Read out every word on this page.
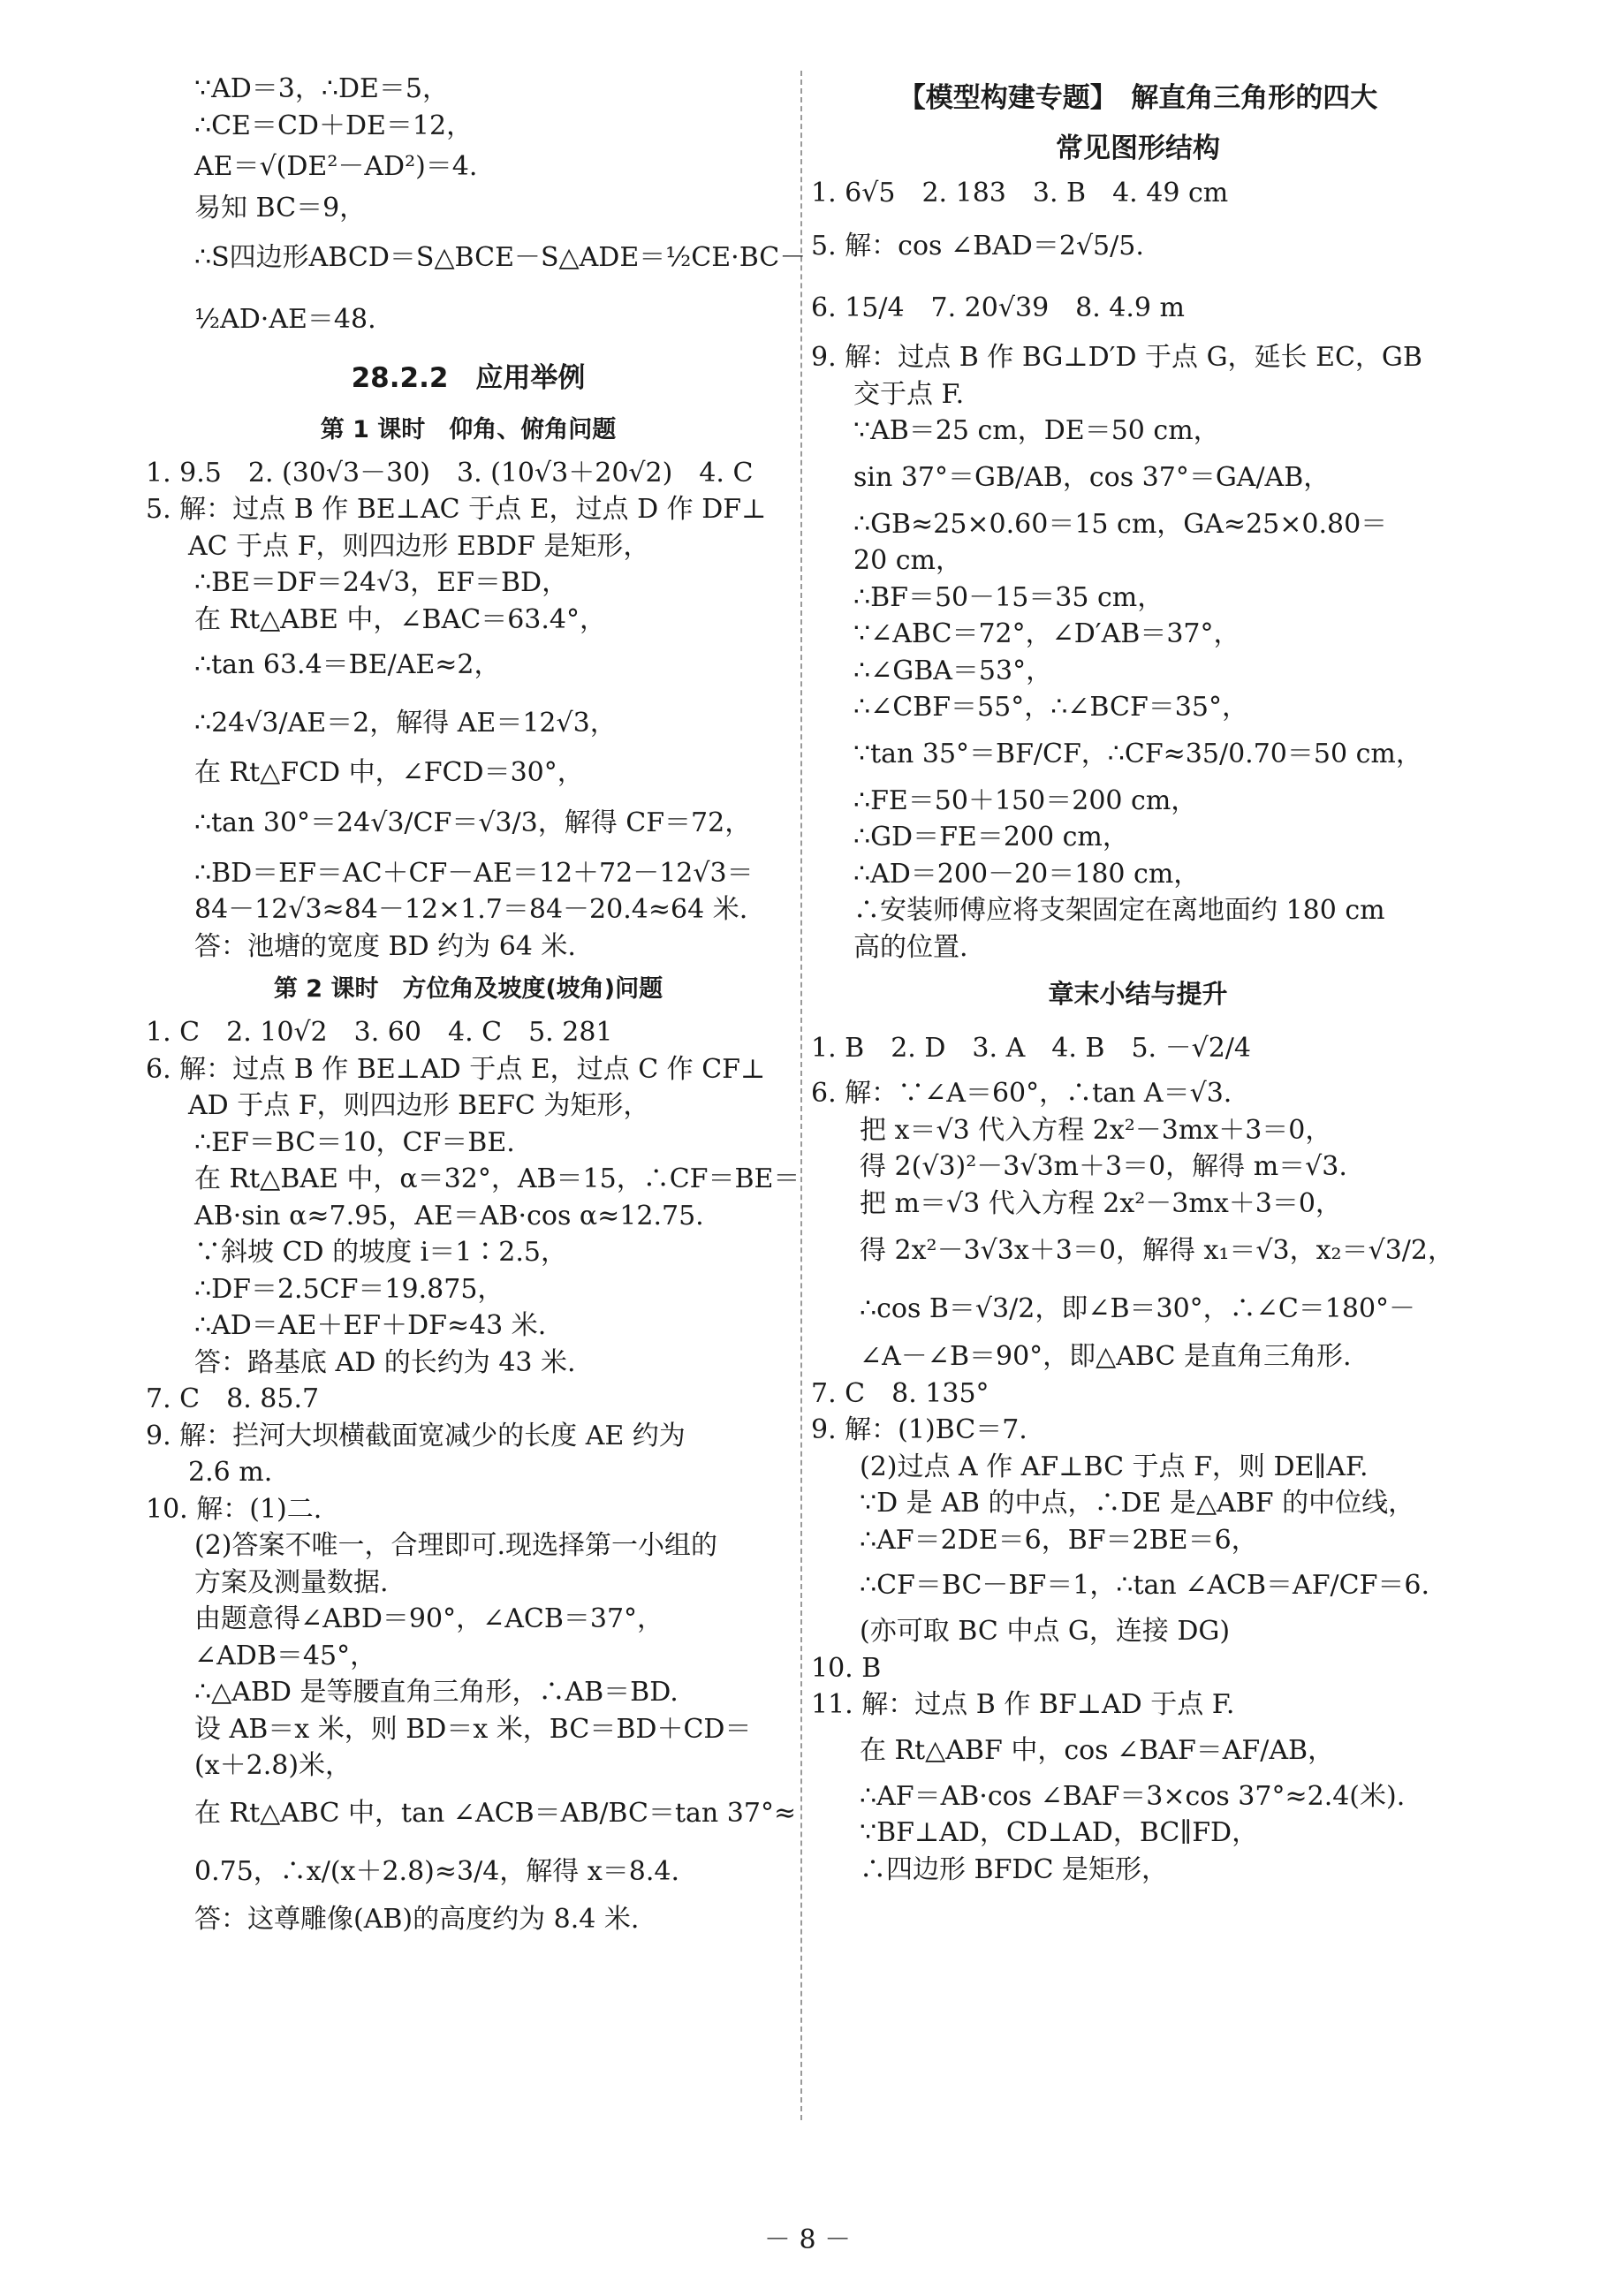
∵AD＝3，∴DE＝5，
∴CE＝CD＋DE＝12，
AE＝√(DE²－AD²)＝4.
易知 BC＝9，
∴S四边形ABCD＝S△BCE－S△ADE＝½CE·BC－
½AD·AE＝48.
28.2.2　应用举例
第 1 课时　仰角、俯角问题
1. 9.5　2. (30√3－30)　3. (10√3＋20√2)　4. C
5. 解：过点 B 作 BE⊥AC 于点 E，过点 D 作 DF⊥
AC 于点 F，则四边形 EBDF 是矩形，
∴BE＝DF＝24√3，EF＝BD，
在 Rt△ABE 中，∠BAC＝63.4°，
∴tan 63.4＝BE/AE≈2，
∴24√3/AE＝2，解得 AE＝12√3，
在 Rt△FCD 中，∠FCD＝30°，
∴tan 30°＝24√3/CF＝√3/3，解得 CF＝72，
∴BD＝EF＝AC＋CF－AE＝12＋72－12√3＝
84－12√3≈84－12×1.7＝84－20.4≈64 米.
答：池塘的宽度 BD 约为 64 米.
第 2 课时　方位角及坡度(坡角)问题
1. C　2. 10√2　3. 60　4. C　5. 281
6. 解：过点 B 作 BE⊥AD 于点 E，过点 C 作 CF⊥
AD 于点 F，则四边形 BEFC 为矩形，
∴EF＝BC＝10，CF＝BE.
在 Rt△BAE 中，α＝32°，AB＝15，∴CF＝BE＝
AB·sin α≈7.95，AE＝AB·cos α≈12.75.
∵斜坡 CD 的坡度 i＝1∶2.5，
∴DF＝2.5CF＝19.875，
∴AD＝AE＋EF＋DF≈43 米.
答：路基底 AD 的长约为 43 米.
7. C　8. 85.7
9. 解：拦河大坝横截面宽减少的长度 AE 约为
2.6 m.
10. 解：(1)二.
(2)答案不唯一，合理即可.现选择第一小组的
方案及测量数据.
由题意得∠ABD＝90°，∠ACB＝37°，
∠ADB＝45°，
∴△ABD 是等腰直角三角形，∴AB＝BD.
设 AB＝x 米，则 BD＝x 米，BC＝BD＋CD＝
(x＋2.8)米，
在 Rt△ABC 中，tan ∠ACB＝AB/BC＝tan 37°≈
0.75，∴x/(x＋2.8)≈3/4，解得 x＝8.4.
答：这尊雕像(AB)的高度约为 8.4 米.
【模型构建专题】　解直角三角形的四大
常见图形结构
1. 6√5　2. 183　3. B　4. 49 cm
5. 解：cos ∠BAD＝2√5/5.
6. 15/4　7. 20√39　8. 4.9 m
9. 解：过点 B 作 BG⊥D′D 于点 G，延长 EC，GB
交于点 F.
∵AB＝25 cm，DE＝50 cm，
sin 37°＝GB/AB，cos 37°＝GA/AB，
∴GB≈25×0.60＝15 cm，GA≈25×0.80＝
20 cm，
∴BF＝50－15＝35 cm，
∵∠ABC＝72°，∠D′AB＝37°，
∴∠GBA＝53°，
∴∠CBF＝55°，∴∠BCF＝35°，
∵tan 35°＝BF/CF，∴CF≈35/0.70＝50 cm，
∴FE＝50＋150＝200 cm，
∴GD＝FE＝200 cm，
∴AD＝200－20＝180 cm，
∴安装师傅应将支架固定在离地面约 180 cm
高的位置.
章末小结与提升
1. B　2. D　3. A　4. B　5. －√2/4
6. 解：∵∠A＝60°，∴tan A＝√3.
把 x＝√3 代入方程 2x²－3mx＋3＝0，
得 2(√3)²－3√3m＋3＝0，解得 m＝√3.
把 m＝√3 代入方程 2x²－3mx＋3＝0，
得 2x²－3√3x＋3＝0，解得 x₁＝√3，x₂＝√3/2，
∴cos B＝√3/2，即∠B＝30°，∴∠C＝180°－
∠A－∠B＝90°，即△ABC 是直角三角形.
7. C　8. 135°
9. 解：(1)BC＝7.
(2)过点 A 作 AF⊥BC 于点 F，则 DE∥AF.
∵D 是 AB 的中点，∴DE 是△ABF 的中位线，
∴AF＝2DE＝6，BF＝2BE＝6，
∴CF＝BC－BF＝1，∴tan ∠ACB＝AF/CF＝6.
(亦可取 BC 中点 G，连接 DG)
10. B
11. 解：过点 B 作 BF⊥AD 于点 F.
在 Rt△ABF 中，cos ∠BAF＝AF/AB，
∴AF＝AB·cos ∠BAF＝3×cos 37°≈2.4(米).
∵BF⊥AD，CD⊥AD，BC∥FD，
∴四边形 BFDC 是矩形，
－ 8 －
